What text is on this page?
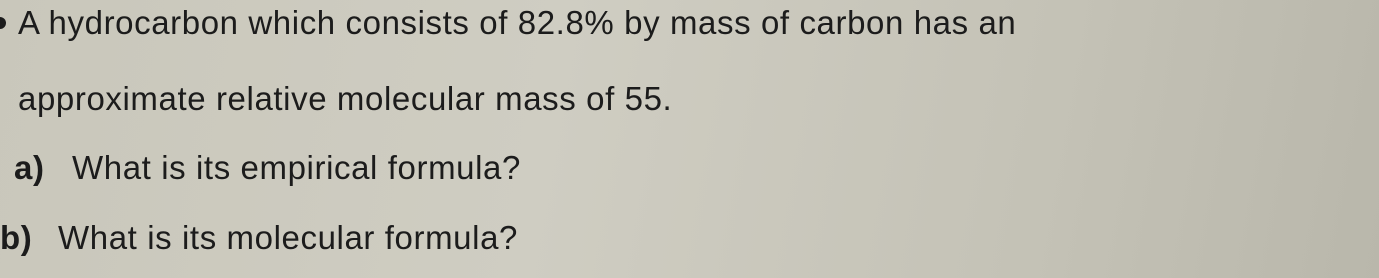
A hydrocarbon which consists of 82.8% by mass of carbon has an
approximate relative molecular mass of 55.
a) What is its empirical formula?
b) What is its molecular formula?
